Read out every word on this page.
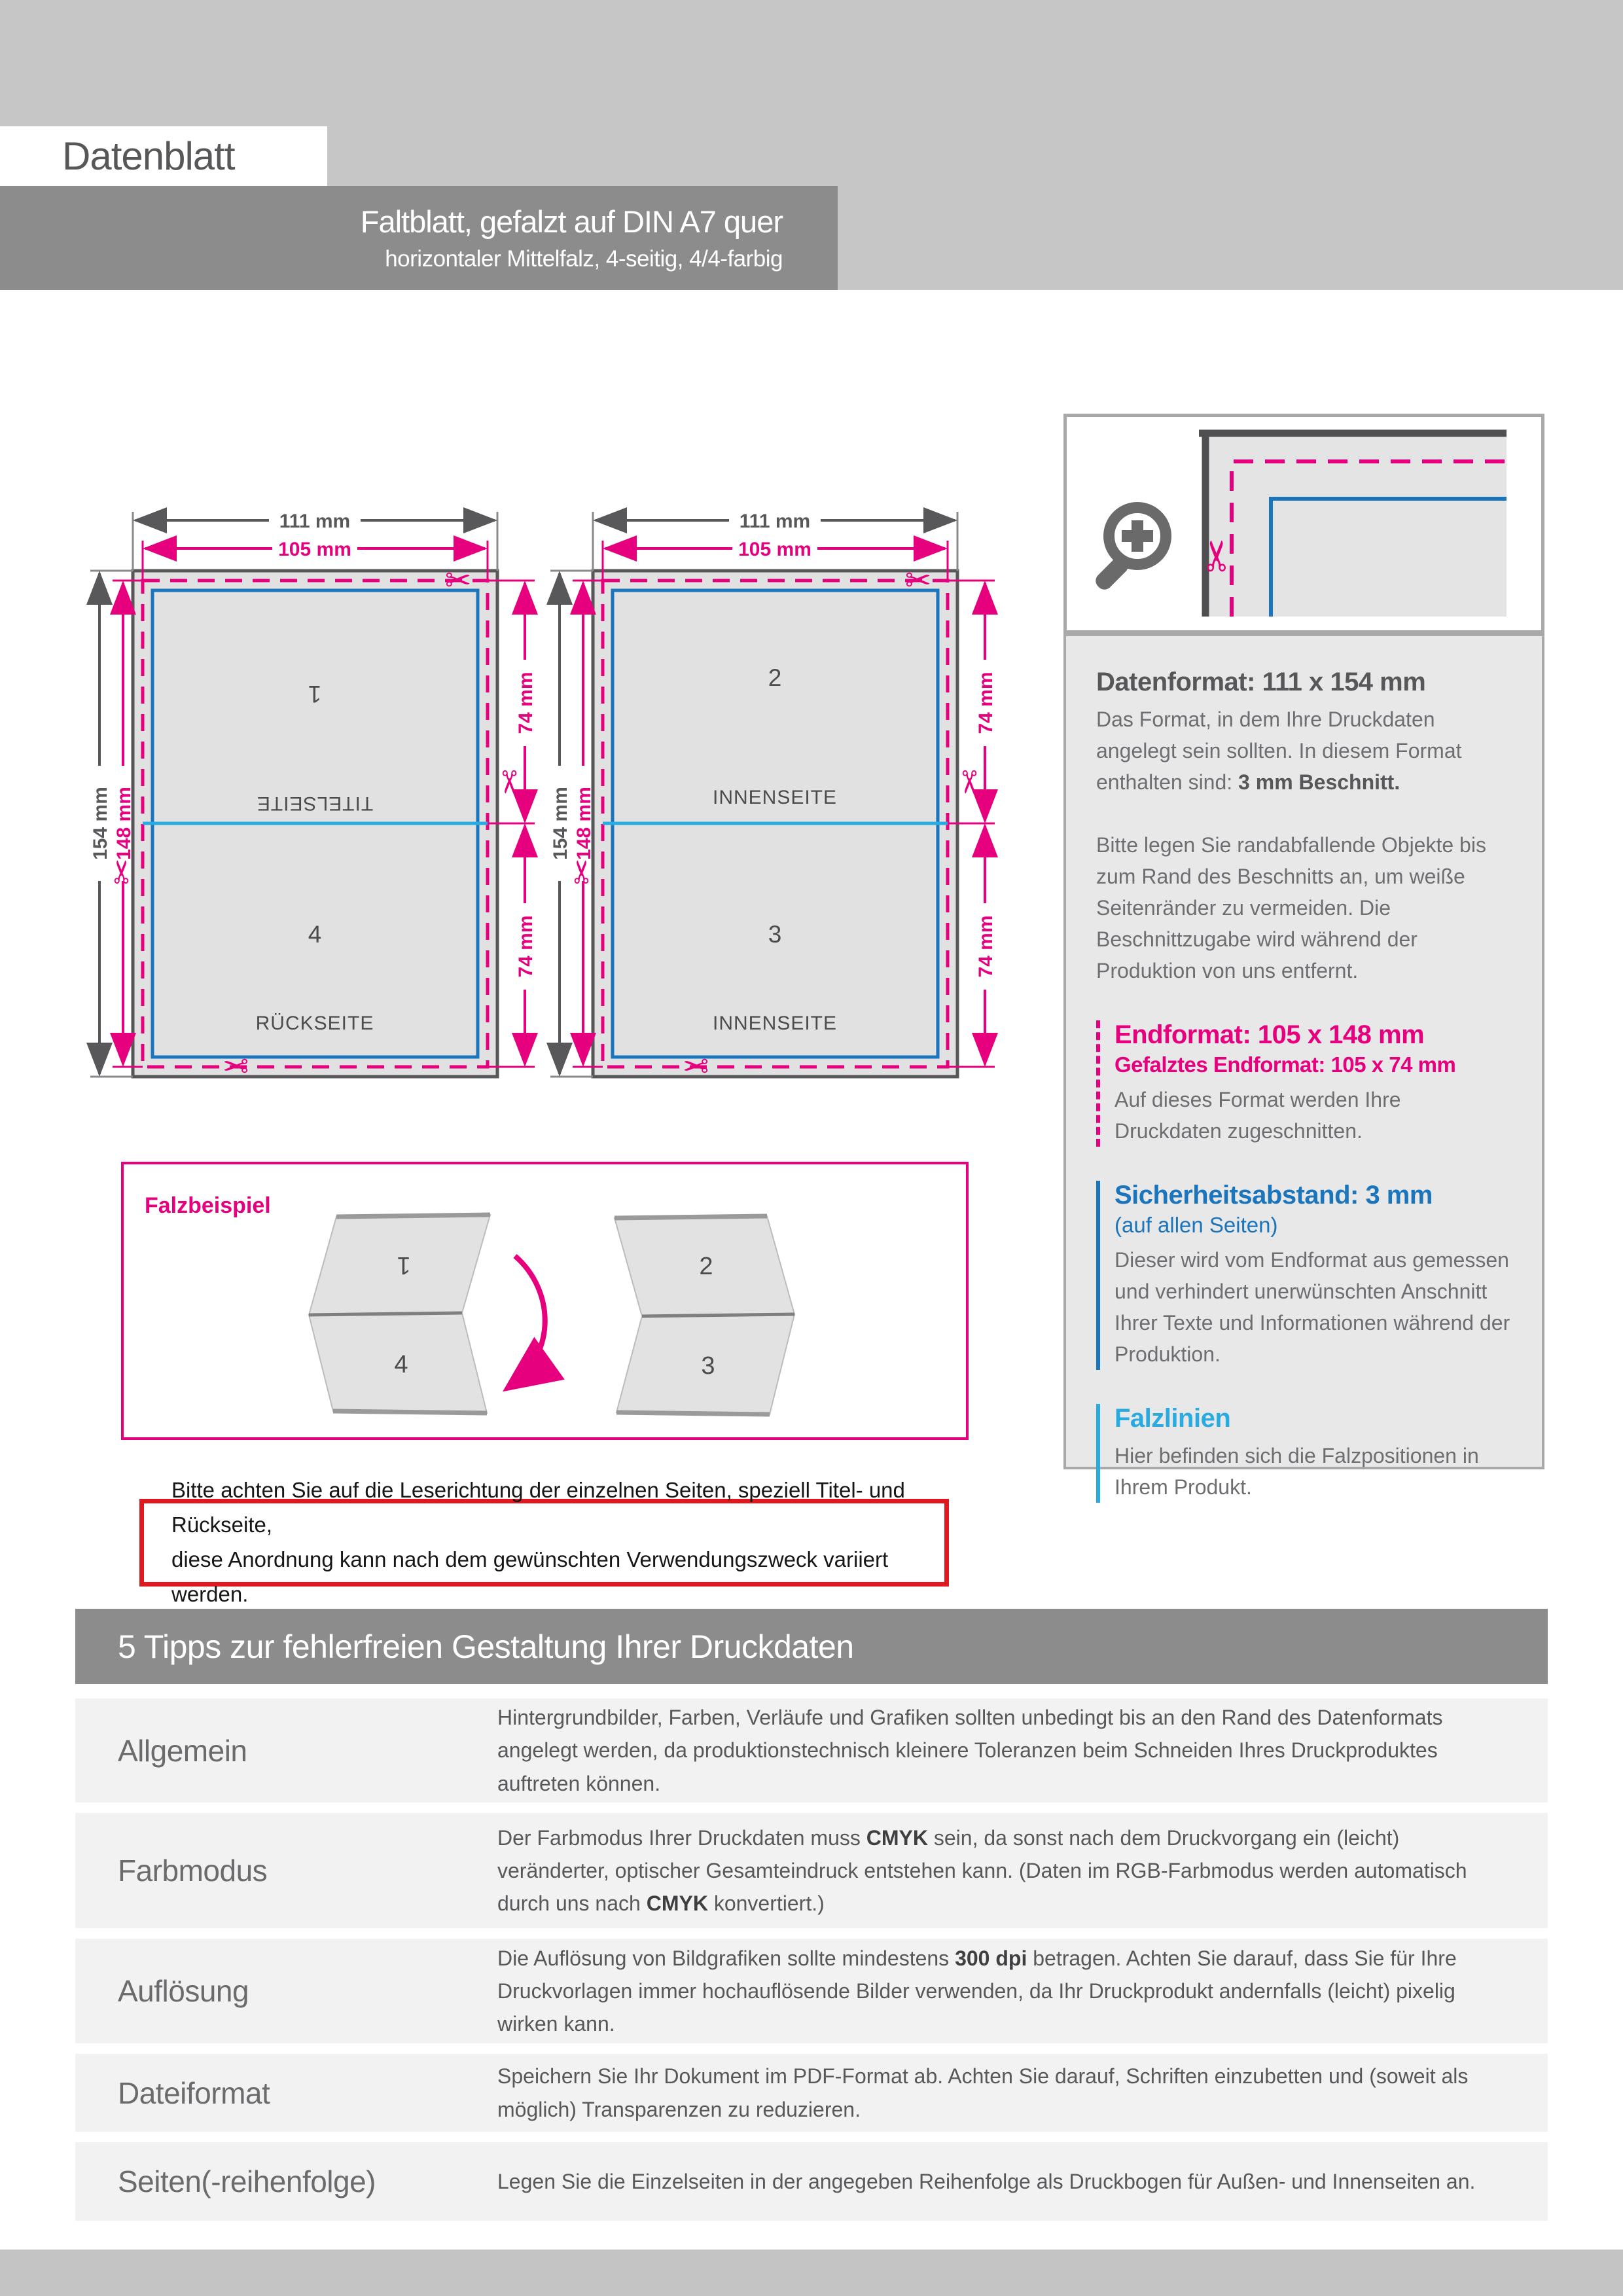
Faltblatt, gefalzt auf DIN A7 quer
horizontaler Mittelfalz, 4-seitig, 4/4-farbig
Datenblatt
111 mm
105 mm
154 mm 148 mm
74 mm
74 mm
✂
✂
✂
✂
1
TITELSEITE
4
RÜCKSEITE
111 mm
105 mm
154 mm 148 mm
74 mm
74 mm
✂
✂
✂
✂
2
INNENSEITE
3
INNENSEITE
✂
Datenformat: 111 x 154 mm

Das Format, in dem Ihre Druckdaten angelegt sein sollten. In diesem Format enthalten sind: 3 mm Beschnitt.

Bitte legen Sie randabfallende Objekte bis zum Rand des Beschnitts an, um weiße Seitenränder zu vermeiden. Die Beschnittzugabe wird während der Produktion von uns entfernt.

Endformat: 105 x 148 mm
Gefalztes Endformat: 105 x 74 mm

Auf dieses Format werden Ihre Druckdaten zugeschnitten.

Sicherheitsabstand: 3 mm
(auf allen Seiten)

Dieser wird vom Endformat aus gemessen und verhindert unerwünschten Anschnitt Ihrer Texte und Informationen während der Produktion.

Falzlinien

Hier befinden sich die Falzpositionen in Ihrem Produkt.

Falzbeispiel
1
4
2
3
Bitte achten Sie auf die Leserichtung der einzelnen Seiten, speziell Titel- und Rückseite,
diese Anordnung kann nach dem gewünschten Verwendungszweck variiert werden.
5 Tipps zur fehlerfreien Gestaltung Ihrer Druckdaten
Allgemein
Hintergrundbilder, Farben, Verläufe und Grafiken sollten unbedingt bis an den Rand des Datenformats angelegt werden, da produktionstechnisch kleinere Toleranzen beim Schneiden Ihres Druckproduktes auftreten können.
Farbmodus
Der Farbmodus Ihrer Druckdaten muss CMYK sein, da sonst nach dem Druckvorgang ein (leicht) veränderter, optischer Gesamteindruck entstehen kann. (Daten im RGB-Farbmodus werden automatisch durch uns nach CMYK konvertiert.)
Auflösung
Die Auflösung von Bildgrafiken sollte mindestens 300 dpi betragen. Achten Sie darauf, dass Sie für Ihre Druckvorlagen immer hochauflösende Bilder verwenden, da Ihr Druckprodukt andernfalls (leicht) pixelig wirken kann.
Dateiformat	Speichern Sie Ihr Dokument im PDF-Format ab. Achten Sie darauf, Schriften einzubetten und (soweit als möglich) Transparenzen zu reduzieren.
Seiten(-reihenfolge)	Legen Sie die Einzelseiten in der angegeben Reihenfolge als Druckbogen für Außen- und Innenseiten an.
